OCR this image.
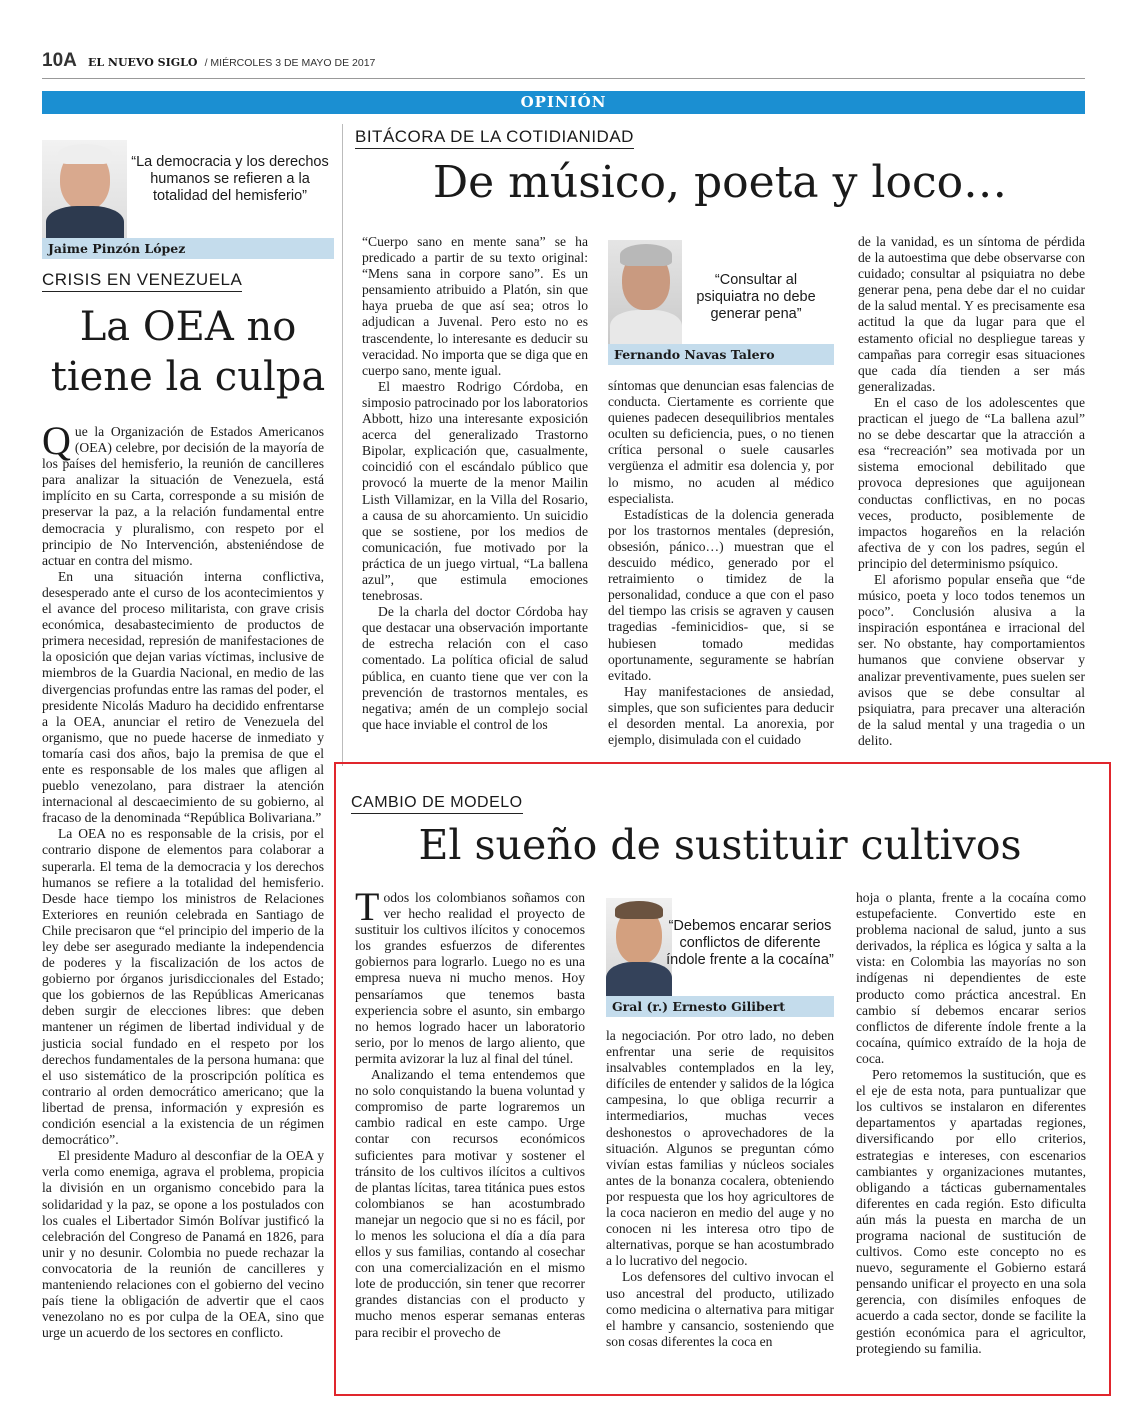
10A EL NUEVO SIGLO / MIÉRCOLES 3 DE MAYO DE 2017
OPINIÓN
“La democracia y los derechos humanos se refieren a la totalidad del hemisferio”
Jaime Pinzón López
CRISIS EN VENEZUELA
La OEA no
tiene la culpa

Que la Organización de Estados Americanos (OEA) celebre, por decisión de la mayoría de los países del hemisferio, la reunión de cancilleres para analizar la situación de Venezuela, está implícito en su Carta, corresponde a su misión de preservar la paz, a la relación fundamental entre democracia y pluralismo, con respeto por el principio de No Intervención, absteniéndose de actuar en contra del mismo.

En una situación interna conflictiva, desesperado ante el curso de los acontecimientos y el avance del proceso militarista, con grave crisis económica, desabastecimiento de productos de primera necesidad, represión de manifestaciones de la oposición que dejan varias víctimas, inclusive de miembros de la Guardia Nacional, en medio de las divergencias profundas entre las ramas del poder, el presidente Nicolás Maduro ha decidido enfrentarse a la OEA, anunciar el retiro de Venezuela del organismo, que no puede hacerse de inmediato y tomaría casi dos años, bajo la premisa de que el ente es responsable de los males que afligen al pueblo venezolano, para distraer la atención internacional al descaecimiento de su gobierno, al fracaso de la denominada “República Bolivariana.”

La OEA no es responsable de la crisis, por el contrario dispone de elementos para colaborar a superarla. El tema de la democracia y los derechos humanos se refiere a la totalidad del hemisferio. Desde hace tiempo los ministros de Relaciones Exteriores en reunión celebrada en Santiago de Chile precisaron que “el principio del imperio de la ley debe ser asegurado mediante la independencia de poderes y la fiscalización de los actos de gobierno por órganos jurisdiccionales del Estado; que los gobiernos de las Repúblicas Americanas deben surgir de elecciones libres: que deben mantener un régimen de libertad individual y de justicia social fundado en el respeto por los derechos fundamentales de la persona humana: que el uso sistemático de la proscripción política es contrario al orden democrático americano; que la libertad de prensa, información y expresión es condición esencial a la existencia de un régimen democrático”.

El presidente Maduro al desconfiar de la OEA y verla como enemiga, agrava el problema, propicia la división en un organismo concebido para la solidaridad y la paz, se opone a los postulados con los cuales el Libertador Simón Bolívar justificó la celebración del Congreso de Panamá en 1826, para unir y no desunir. Colombia no puede rechazar la convocatoria de la reunión de cancilleres y manteniendo relaciones con el gobierno del vecino país tiene la obligación de advertir que el caos venezolano no es por culpa de la OEA, sino que urge un acuerdo de los sectores en conflicto.

BITÁCORA DE LA COTIDIANIDAD
De músico, poeta y loco…

“Cuerpo sano en mente sana” se ha predicado a partir de su texto original: “Mens sana in corpore sano”. Es un pensamiento atribuido a Platón, sin que haya prueba de que así sea; otros lo adjudican a Juvenal. Pero esto no es trascendente, lo interesante es deducir su veracidad. No importa que se diga que en cuerpo sano, mente igual.

El maestro Rodrigo Córdoba, en simposio patrocinado por los laboratorios Abbott, hizo una interesante exposición acerca del generalizado Trastorno Bipolar, explicación que, casualmente, coincidió con el escándalo público que provocó la muerte de la menor Mailin Listh Villamizar, en la Villa del Rosario, a causa de su ahorcamiento. Un suicidio que se sostiene, por los medios de comunicación, fue motivado por la práctica de un juego virtual, “La ballena azul”, que estimula emociones tenebrosas.

De la charla del doctor Córdoba hay que destacar una observación importante de estrecha relación con el caso comentado. La política oficial de salud pública, en cuanto tiene que ver con la prevención de trastornos mentales, es negativa; amén de un complejo social que hace inviable el control de los

“Consultar al psiquiatra no debe generar pena”
Fernando Navas Talero

síntomas que denuncian esas falencias de conducta. Ciertamente es corriente que quienes padecen desequilibrios mentales oculten su deficiencia, pues, o no tienen crítica personal o suele causarles vergüenza el admitir esa dolencia y, por lo mismo, no acuden al médico especialista.

Estadísticas de la dolencia generada por los trastornos mentales (depresión, obsesión, pánico…) muestran que el descuido médico, generado por el retraimiento o timidez de la personalidad, conduce a que con el paso del tiempo las crisis se agraven y causen tragedias -feminicidios- que, si se hubiesen tomado medidas oportunamente, seguramente se habrían evitado.

Hay manifestaciones de ansiedad, simples, que son suficientes para deducir el desorden mental. La anorexia, por ejemplo, disimulada con el cuidado

de la vanidad, es un síntoma de pérdida de la autoestima que debe observarse con cuidado; consultar al psiquiatra no debe generar pena, pena debe dar el no cuidar de la salud mental. Y es precisamente esa actitud la que da lugar para que el estamento oficial no despliegue tareas y campañas para corregir esas situaciones que cada día tienden a ser más generalizadas.

En el caso de los adolescentes que practican el juego de “La ballena azul” no se debe descartar que la atracción a esa “recreación” sea motivada por un sistema emocional debilitado que provoca depresiones que aguijonean conductas conflictivas, en no pocas veces, producto, posiblemente de impactos hogareños en la relación afectiva de y con los padres, según el principio del determinismo psíquico.

El aforismo popular enseña que “de músico, poeta y loco todos tenemos un poco”. Conclusión alusiva a la inspiración espontánea e irracional del ser. No obstante, hay comportamientos humanos que conviene observar y analizar preventivamente, pues suelen ser avisos que se debe consultar al psiquiatra, para precaver una alteración de la salud mental y una tragedia o un delito.

CAMBIO DE MODELO
El sueño de sustituir cultivos

Todos los colombianos soñamos con ver hecho realidad el proyecto de sustituir los cultivos ilícitos y conocemos los grandes esfuerzos de diferentes gobiernos para lograrlo. Luego no es una empresa nueva ni mucho menos. Hoy pensaríamos que tenemos basta experiencia sobre el asunto, sin embargo no hemos logrado hacer un laboratorio serio, por lo menos de largo aliento, que permita avizorar la luz al final del túnel.

Analizando el tema entendemos que no solo conquistando la buena voluntad y compromiso de parte lograremos un cambio radical en este campo. Urge contar con recursos económicos suficientes para motivar y sostener el tránsito de los cultivos ilícitos a cultivos de plantas lícitas, tarea titánica pues estos colombianos se han acostumbrado manejar un negocio que si no es fácil, por lo menos les soluciona el día a día para ellos y sus familias, contando al cosechar con una comercialización en el mismo lote de producción, sin tener que recorrer grandes distancias con el producto y mucho menos esperar semanas enteras para recibir el provecho de

“Debemos encarar serios conflictos de diferente índole frente a la cocaína”
Gral (r.) Ernesto Gilibert

la negociación. Por otro lado, no deben enfrentar una serie de requisitos insalvables contemplados en la ley, difíciles de entender y salidos de la lógica campesina, lo que obliga recurrir a intermediarios, muchas veces deshonestos o aprovechadores de la situación. Algunos se preguntan cómo vivían estas familias y núcleos sociales antes de la bonanza cocalera, obteniendo por respuesta que los hoy agricultores de la coca nacieron en medio del auge y no conocen ni les interesa otro tipo de alternativas, porque se han acostumbrado a lo lucrativo del negocio.

Los defensores del cultivo invocan el uso ancestral del producto, utilizado como medicina o alternativa para mitigar el hambre y cansancio, sosteniendo que son cosas diferentes la coca en

hoja o planta, frente a la cocaína como estupefaciente. Convertido este en problema nacional de salud, junto a sus derivados, la réplica es lógica y salta a la vista: en Colombia las mayorías no son indígenas ni dependientes de este producto como práctica ancestral. En cambio sí debemos encarar serios conflictos de diferente índole frente a la cocaína, químico extraído de la hoja de coca.

Pero retomemos la sustitución, que es el eje de esta nota, para puntualizar que los cultivos se instalaron en diferentes departamentos y apartadas regiones, diversificando por ello criterios, estrategias e intereses, con escenarios cambiantes y organizaciones mutantes, obligando a tácticas gubernamentales diferentes en cada región. Esto dificulta aún más la puesta en marcha de un programa nacional de sustitución de cultivos. Como este concepto no es nuevo, seguramente el Gobierno estará pensando unificar el proyecto en una sola gerencia, con disímiles enfoques de acuerdo a cada sector, donde se facilite la gestión económica para el agricultor, protegiendo su familia.
